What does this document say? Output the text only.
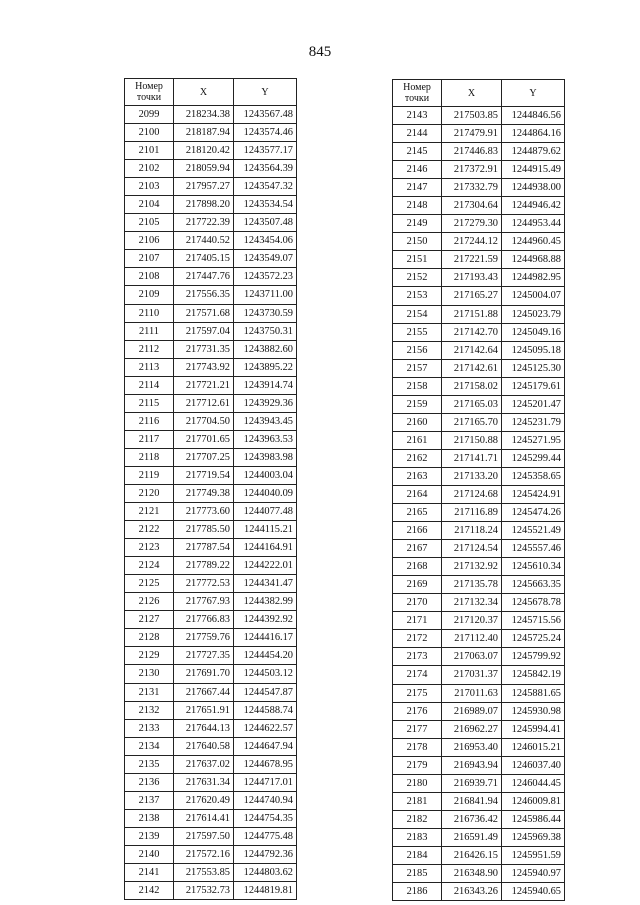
845
Номер
точки	X	Y
2099	218234.38	1243567.48
2100	218187.94	1243574.46
2101	218120.42	1243577.17
2102	218059.94	1243564.39
2103	217957.27	1243547.32
2104	217898.20	1243534.54
2105	217722.39	1243507.48
2106	217440.52	1243454.06
2107	217405.15	1243549.07
2108	217447.76	1243572.23
2109	217556.35	1243711.00
2110	217571.68	1243730.59
2111	217597.04	1243750.31
2112	217731.35	1243882.60
2113	217743.92	1243895.22
2114	217721.21	1243914.74
2115	217712.61	1243929.36
2116	217704.50	1243943.45
2117	217701.65	1243963.53
2118	217707.25	1243983.98
2119	217719.54	1244003.04
2120	217749.38	1244040.09
2121	217773.60	1244077.48
2122	217785.50	1244115.21
2123	217787.54	1244164.91
2124	217789.22	1244222.01
2125	217772.53	1244341.47
2126	217767.93	1244382.99
2127	217766.83	1244392.92
2128	217759.76	1244416.17
2129	217727.35	1244454.20
2130	217691.70	1244503.12
2131	217667.44	1244547.87
2132	217651.91	1244588.74
2133	217644.13	1244622.57
2134	217640.58	1244647.94
2135	217637.02	1244678.95
2136	217631.34	1244717.01
2137	217620.49	1244740.94
2138	217614.41	1244754.35
2139	217597.50	1244775.48
2140	217572.16	1244792.36
2141	217553.85	1244803.62
2142	217532.73	1244819.81
Номер
точки	X	Y
2143	217503.85	1244846.56
2144	217479.91	1244864.16
2145	217446.83	1244879.62
2146	217372.91	1244915.49
2147	217332.79	1244938.00
2148	217304.64	1244946.42
2149	217279.30	1244953.44
2150	217244.12	1244960.45
2151	217221.59	1244968.88
2152	217193.43	1244982.95
2153	217165.27	1245004.07
2154	217151.88	1245023.79
2155	217142.70	1245049.16
2156	217142.64	1245095.18
2157	217142.61	1245125.30
2158	217158.02	1245179.61
2159	217165.03	1245201.47
2160	217165.70	1245231.79
2161	217150.88	1245271.95
2162	217141.71	1245299.44
2163	217133.20	1245358.65
2164	217124.68	1245424.91
2165	217116.89	1245474.26
2166	217118.24	1245521.49
2167	217124.54	1245557.46
2168	217132.92	1245610.34
2169	217135.78	1245663.35
2170	217132.34	1245678.78
2171	217120.37	1245715.56
2172	217112.40	1245725.24
2173	217063.07	1245799.92
2174	217031.37	1245842.19
2175	217011.63	1245881.65
2176	216989.07	1245930.98
2177	216962.27	1245994.41
2178	216953.40	1246015.21
2179	216943.94	1246037.40
2180	216939.71	1246044.45
2181	216841.94	1246009.81
2182	216736.42	1245986.44
2183	216591.49	1245969.38
2184	216426.15	1245951.59
2185	216348.90	1245940.97
2186	216343.26	1245940.65
